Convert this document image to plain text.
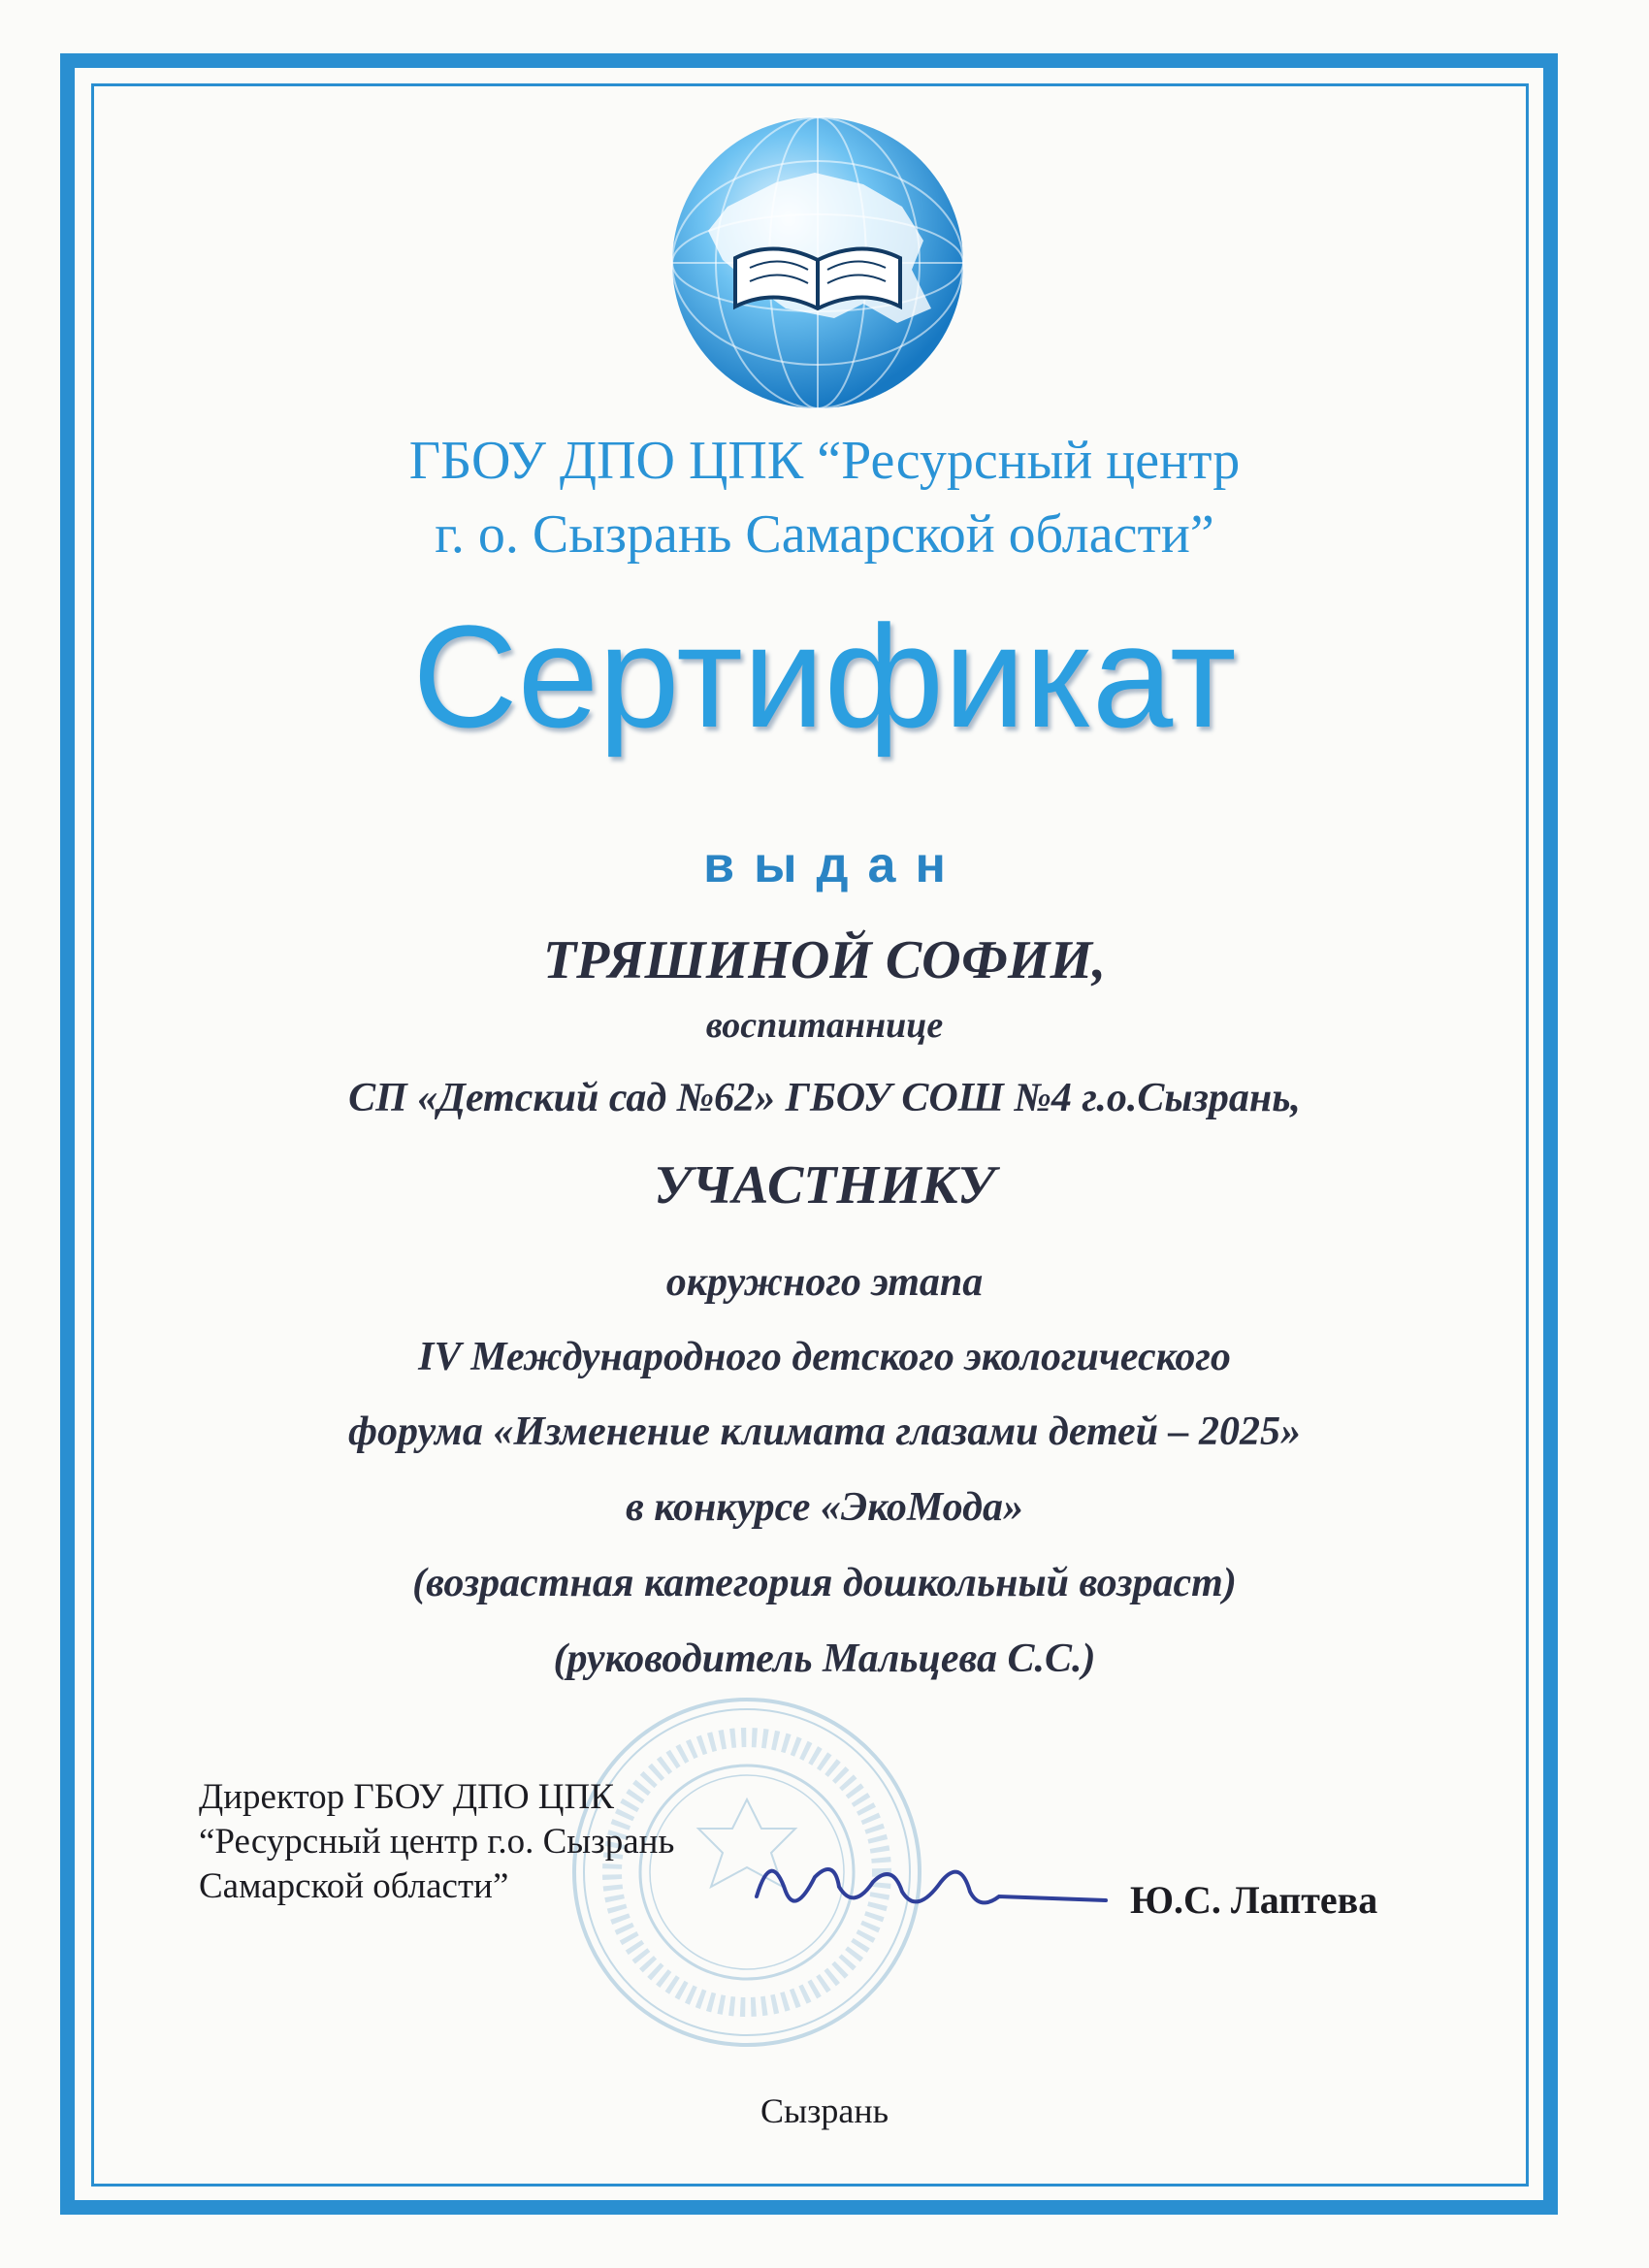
ГБОУ ДПО ЦПК “Ресурсный центр
г. о. Сызрань Самарской области”
Сертификат
выдан
ТРЯШИНОЙ СОФИИ,
воспитаннице
СП «Детский сад №62» ГБОУ СОШ №4 г.о.Сызрань,
УЧАСТНИКУ
окружного этапа
IV Международного детского экологического
форума «Изменение климата глазами детей – 2025»
в конкурсе «ЭкоМода»
(возрастная категория дошкольный возраст)
(руководитель Мальцева С.С.)
Директор ГБОУ ДПО ЦПК
“Ресурсный центр г.о. Сызрань
Самарской области”	Ю.С. Лаптева
Сызрань
